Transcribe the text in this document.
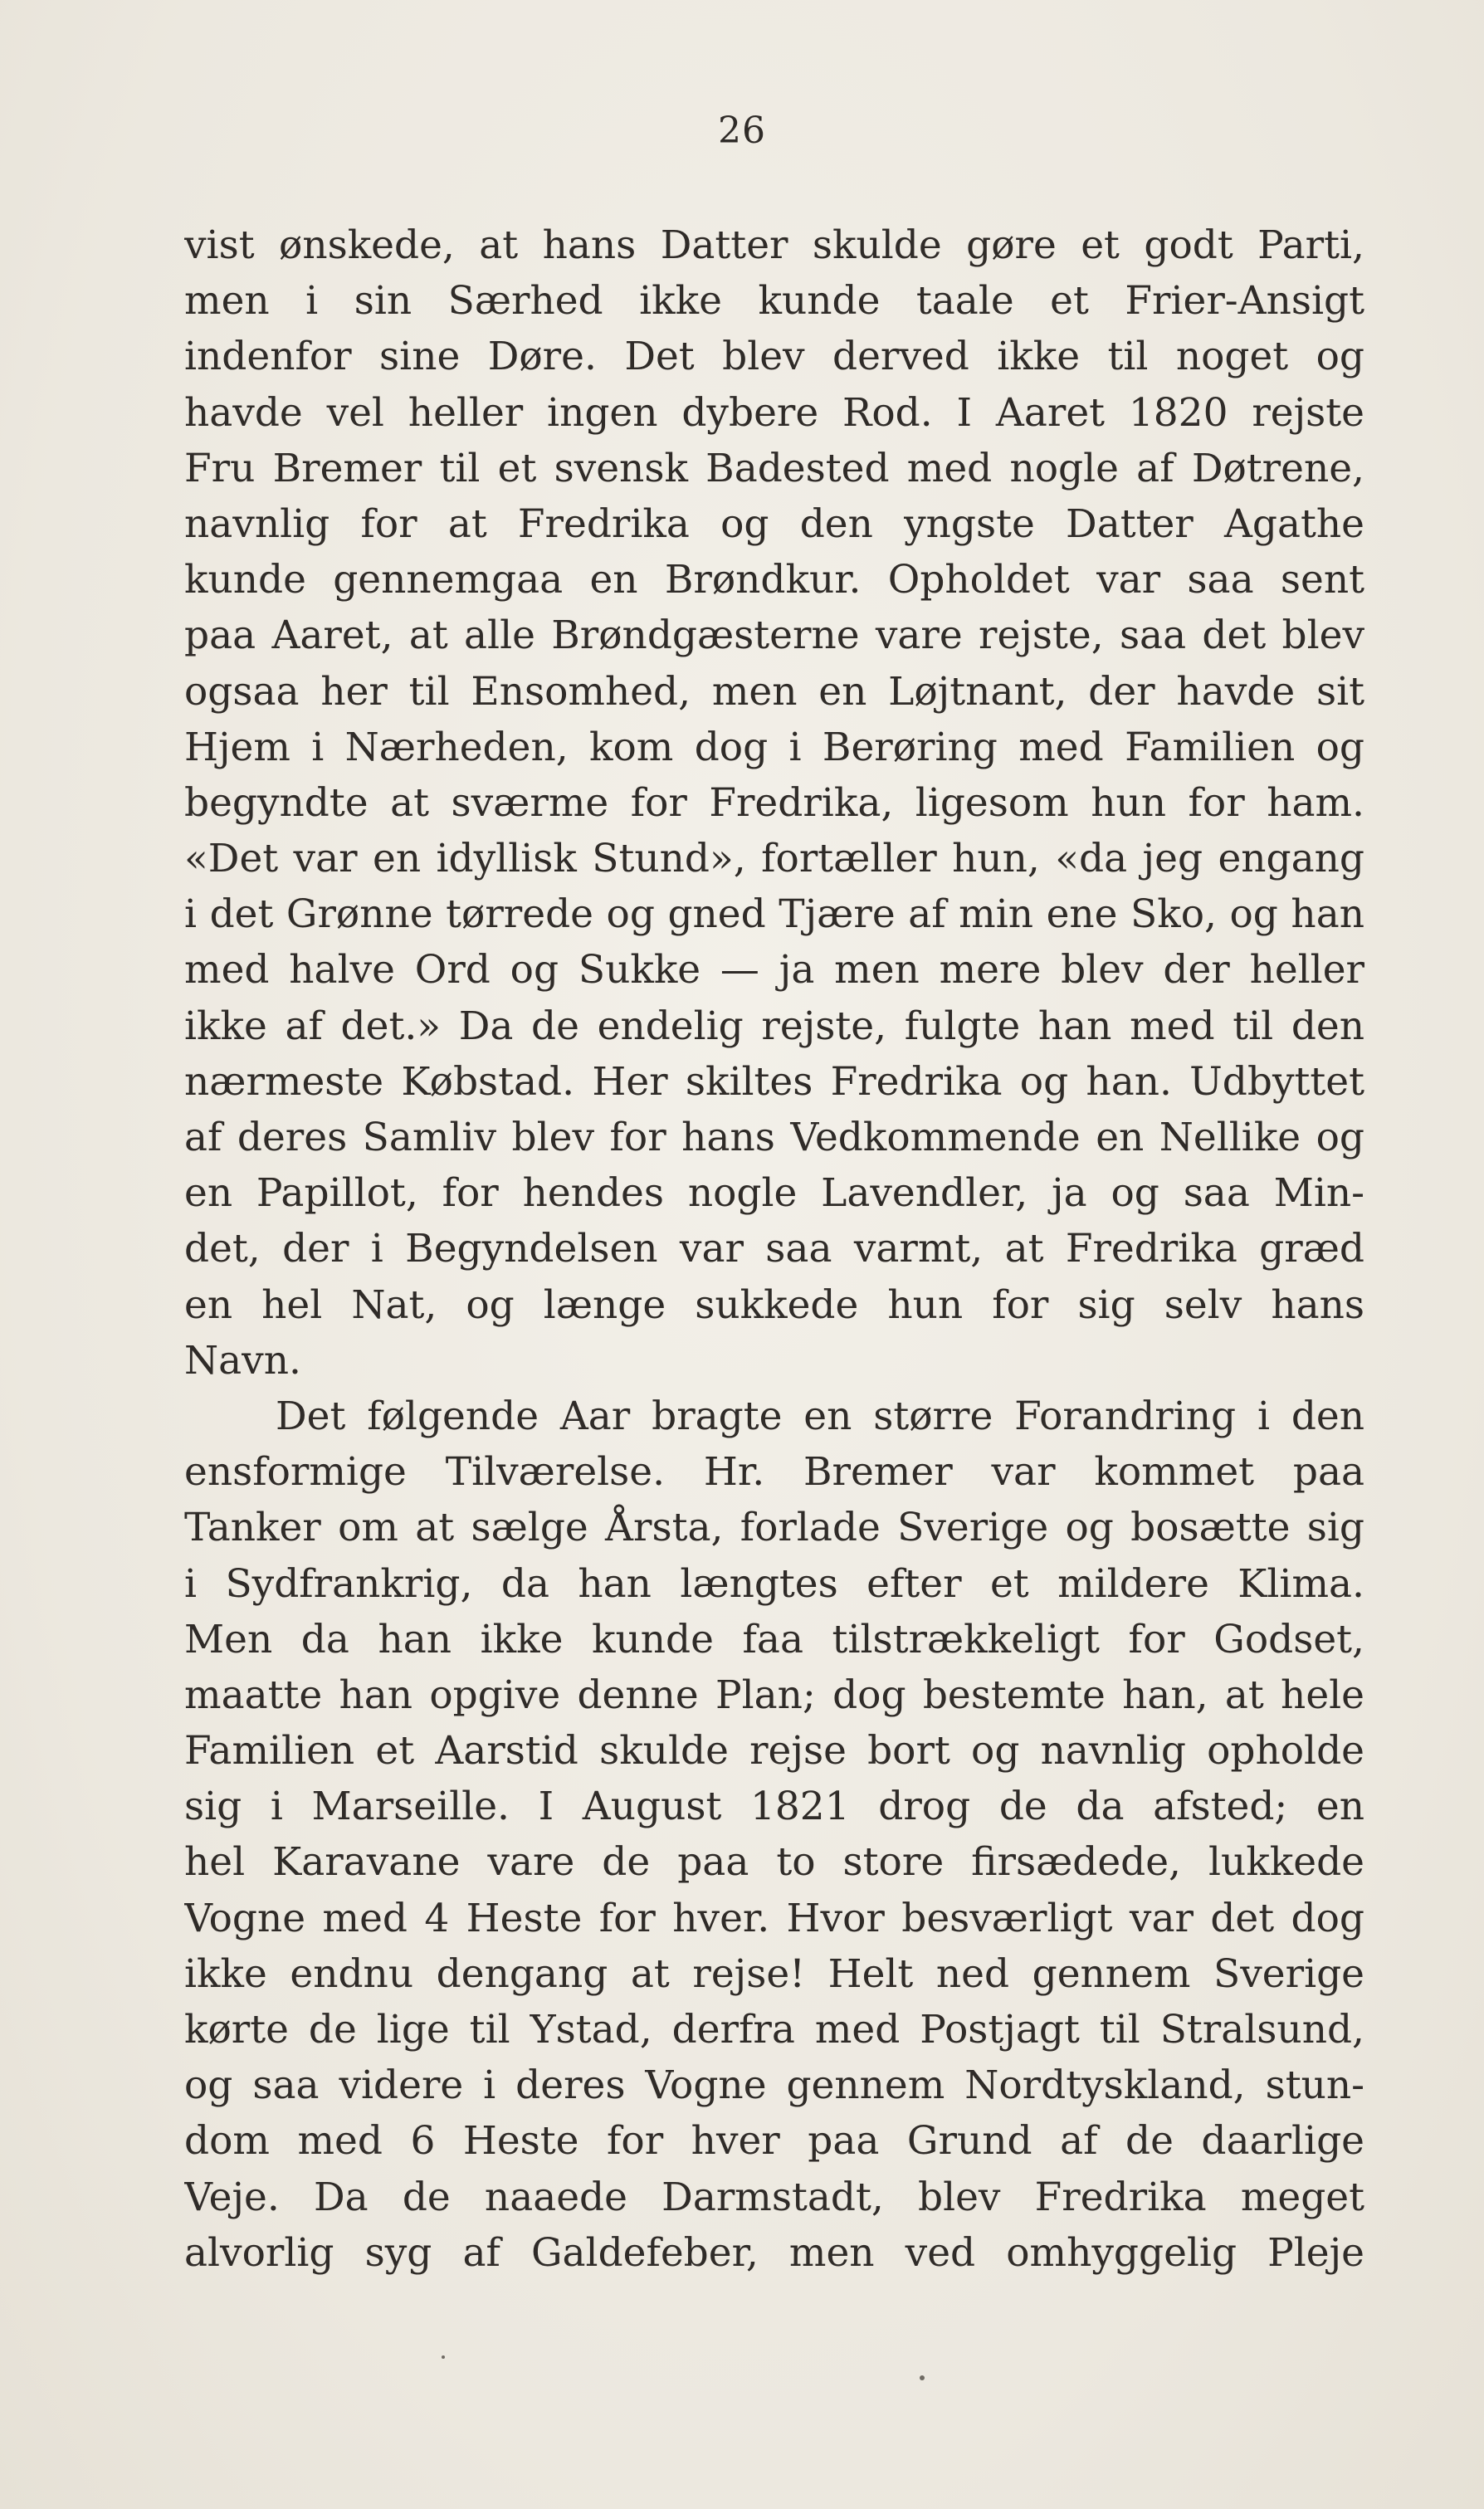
26
vist ønskede, at hans Datter skulde gøre et godt Parti,
men i sin Særhed ikke kunde taale et Frier-Ansigt
indenfor sine Døre. Det blev derved ikke til noget og
havde vel heller ingen dybere Rod. I Aaret 1820 rejste
Fru Bremer til et svensk Badested med nogle af Døtrene,
navnlig for at Fredrika og den yngste Datter Agathe
kunde gennemgaa en Brøndkur. Opholdet var saa sent
paa Aaret, at alle Brøndgæsterne vare rejste, saa det blev
ogsaa her til Ensomhed, men en Løjtnant, der havde sit
Hjem i Nærheden, kom dog i Berøring med Familien og
begyndte at sværme for Fredrika, ligesom hun for ham.
«Det var en idyllisk Stund», fortæller hun, «da jeg engang
i det Grønne tørrede og gned Tjære af min ene Sko, og han
med halve Ord og Sukke — ja men mere blev der heller
ikke af det.» Da de endelig rejste, fulgte han med til den
nærmeste Købstad. Her skiltes Fredrika og han. Udbyttet
af deres Samliv blev for hans Vedkommende en Nellike og
en Papillot, for hendes nogle Lavendler, ja og saa Min-
det, der i Begyndelsen var saa varmt, at Fredrika græd
en hel Nat, og længe sukkede hun for sig selv hans
Navn.
Det følgende Aar bragte en større Forandring i den
ensformige Tilværelse. Hr. Bremer var kommet paa
Tanker om at sælge Årsta, forlade Sverige og bosætte sig
i Sydfrankrig, da han længtes efter et mildere Klima.
Men da han ikke kunde faa tilstrækkeligt for Godset,
maatte han opgive denne Plan; dog bestemte han, at hele
Familien et Aarstid skulde rejse bort og navnlig opholde
sig i Marseille. I August 1821 drog de da afsted; en
hel Karavane vare de paa to store firsædede, lukkede
Vogne med 4 Heste for hver. Hvor besværligt var det dog
ikke endnu dengang at rejse! Helt ned gennem Sverige
kørte de lige til Ystad, derfra med Postjagt til Stralsund,
og saa videre i deres Vogne gennem Nordtyskland, stun-
dom med 6 Heste for hver paa Grund af de daarlige
Veje. Da de naaede Darmstadt, blev Fredrika meget
alvorlig syg af Galdefeber, men ved omhyggelig Pleje
